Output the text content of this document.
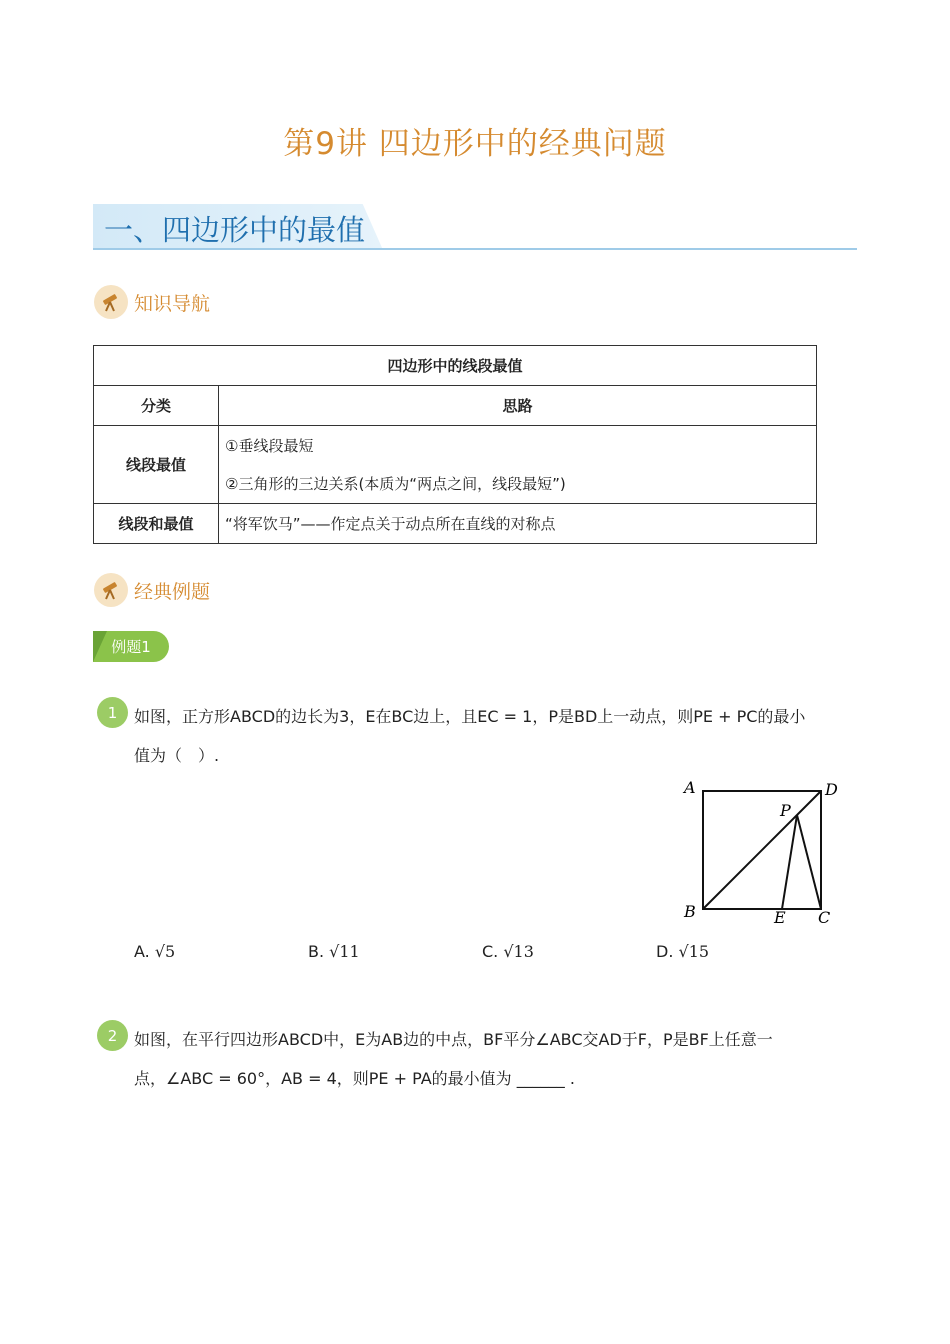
第9讲 四边形中的经典问题
一、四边形中的最值
知识导航
四边形中的线段最值	
分类	思路
线段最值	①垂线段最短
②三角形的三边关系(本质为“两点之间，线段最短”)

线段和最值	“将军饮马”——作定点关于动点所在直线的对称点
经典例题
例题1
1	如图，正方形ABCD的边长为3，E在BC边上，且EC = 1，P是BD上一动点，则PE + PC的最小
值为（　）.
A	D
B	C
E
P
A. √5	B. √11	C. √13	D. √15
2	如图，在平行四边形ABCD中，E为AB边的中点，BF平分∠ABC交AD于F，P是BF上任意一
点，∠ABC = 60°，AB = 4，则PE + PA的最小值为 ______ .
